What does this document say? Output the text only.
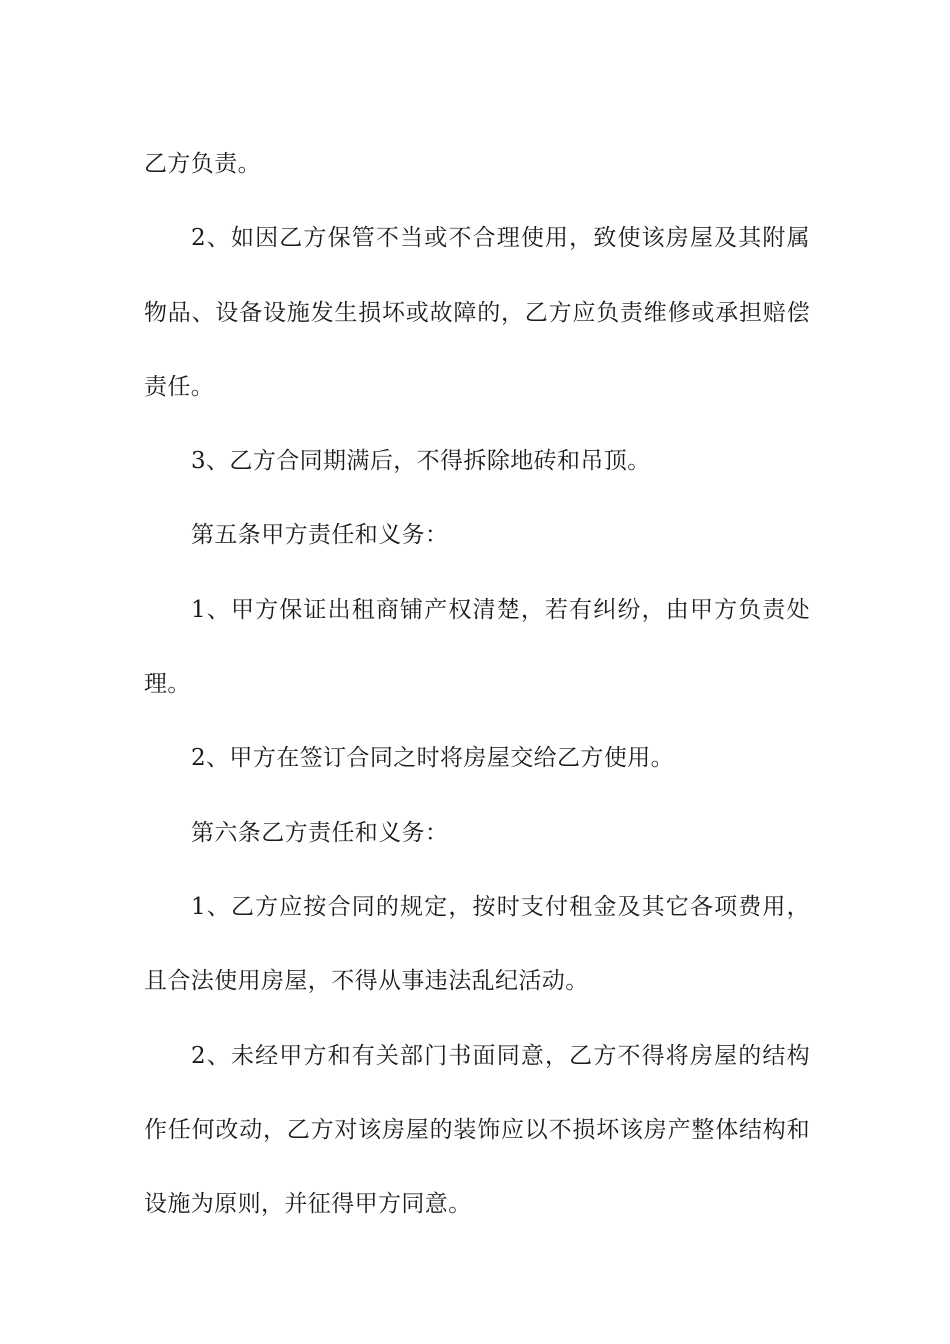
乙方负责。

2、如因乙方保管不当或不合理使用，致使该房屋及其附属物品、设备设施发生损坏或故障的，乙方应负责维修或承担赔偿责任。

3、乙方合同期满后，不得拆除地砖和吊顶。

第五条甲方责任和义务：

1、甲方保证出租商铺产权清楚，若有纠纷，由甲方负责处理。

2、甲方在签订合同之时将房屋交给乙方使用。

第六条乙方责任和义务：

1、乙方应按合同的规定，按时支付租金及其它各项费用，且合法使用房屋，不得从事违法乱纪活动。

2、未经甲方和有关部门书面同意，乙方不得将房屋的结构作任何改动，乙方对该房屋的装饰应以不损坏该房产整体结构和设施为原则，并征得甲方同意。
